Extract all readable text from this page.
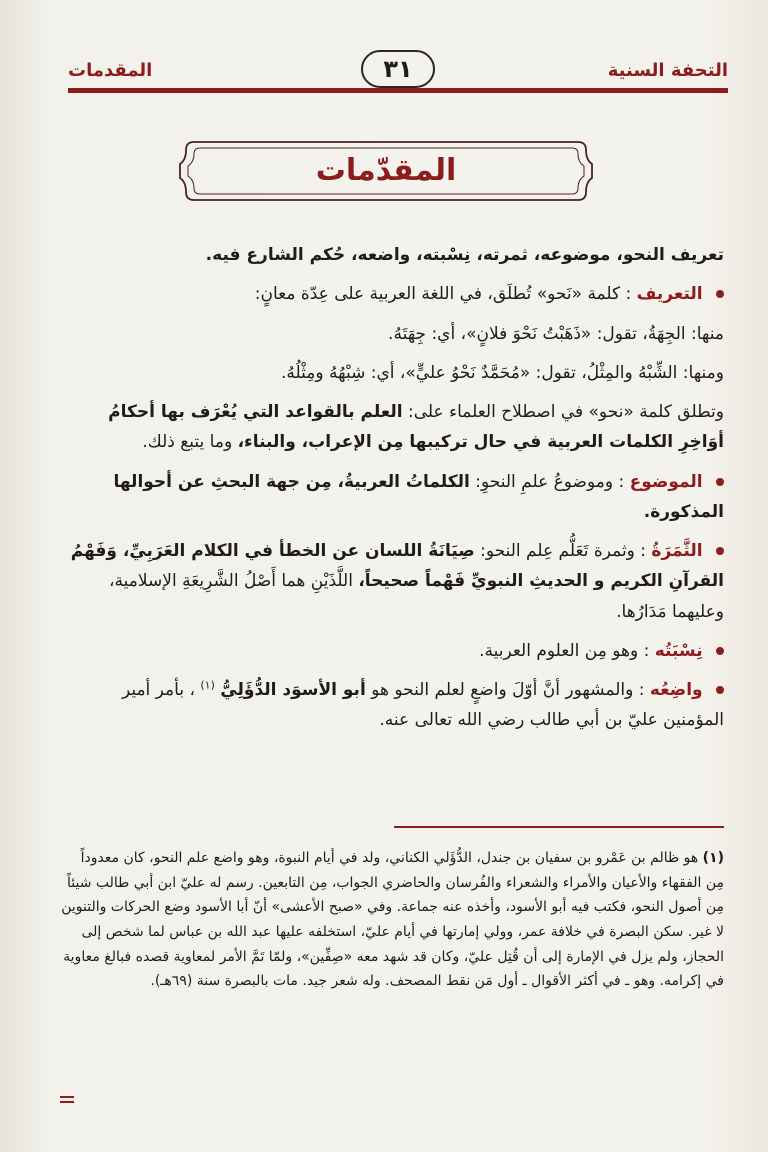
التحفة السنية
٣١
المقدمات
المقدّمات

تعريف النحو، موضوعه، ثمرته، نِسْبته، واضعه، حُكم الشارع فيه.

التعريف : كلمة «نَحو» تُطلَق، في اللغة العربية على عِدّة معانٍ:

منها: الجِهَةُ، تقول: «ذَهَبْتُ نَحْوَ فلانٍ»، أي: جِهَتَهُ.

ومنها: الشِّبْهُ والمِثْلُ، تقول: «مُحَمَّدٌ نَحْوُ عليٍّ»، أي: شِبْهُهُ ومِثْلُهُ.

وتطلق كلمة «نحو» في اصطلاح العلماء على: العلم بالقواعد التي يُعْرَف بها أحكامُ أوَاخِرِ الكلمات العربية في حال تركيبها مِن الإعراب، والبناء، وما يتبع ذلك.

الموضوع : وموضوعُ علمِ النحوِ: الكلماتُ العربيةُ، مِن جهة البحثِ عن أحوالها المذكورة.

الثَّمَرَةُ : وثمرة تَعَلُّم عِلم النحو: صِيَانَةُ اللسان عن الخطأ في الكلام العَرَبِيِّ، وَفَهْمُ القرآنِ الكريم و الحديثِ النبويِّ فَهْماً صحيحاً، اللَّذَيْنِ هما أَصْلُ الشَّرِيعَةِ الإسلامية، وعليهما مَدَارُها.

نِسْبَتُه : وهو مِن العلوم العربية.

واضِعُه : والمشهور أنَّ أوّلَ واضعٍ لعلم النحو هو أبو الأسوَد الدُّؤَلِيُّ $^{(١)}$ ، بأمر أمير المؤمنين عليّ بن أبي طالب رضي الله تعالى عنه.

(١) هو ظالم بن عَمْرو بن سفيان بن جندل، الدُّؤَلي الكناني، ولد في أيام النبوة، وهو واضع علم النحو، كان معدوداً مِن الفقهاء والأعيان والأمراء والشعراء والفُرسان والحاضري الجواب، مِن التابعين. رسم له عليّ ابن أبي طالب شيئاً مِن أصول النحو، فكتب فيه أبو الأسود، وأخذه عنه جماعة. وفي «صبح الأعشى» أنّ أبا الأسود وضع الحركات والتنوين لا غير. سكن البصرة في خلافة عمر، وولي إمارتها في أيام عليّ، استخلفه عليها عبد الله بن عباس لما شخص إلى الحجاز، ولم يزل في الإمارة إلى أن قُتِل عليّ، وكان قد شهد معه «صِفِّين»، ولمّا تَمَّ الأمر لمعاوية قصده فبالغ معاوية في إكرامه. وهو ـ في أكثر الأقوال ـ أول مَن نقط المصحف. وله شعر جيد. مات بالبصرة سنة (٦٩هـ).
